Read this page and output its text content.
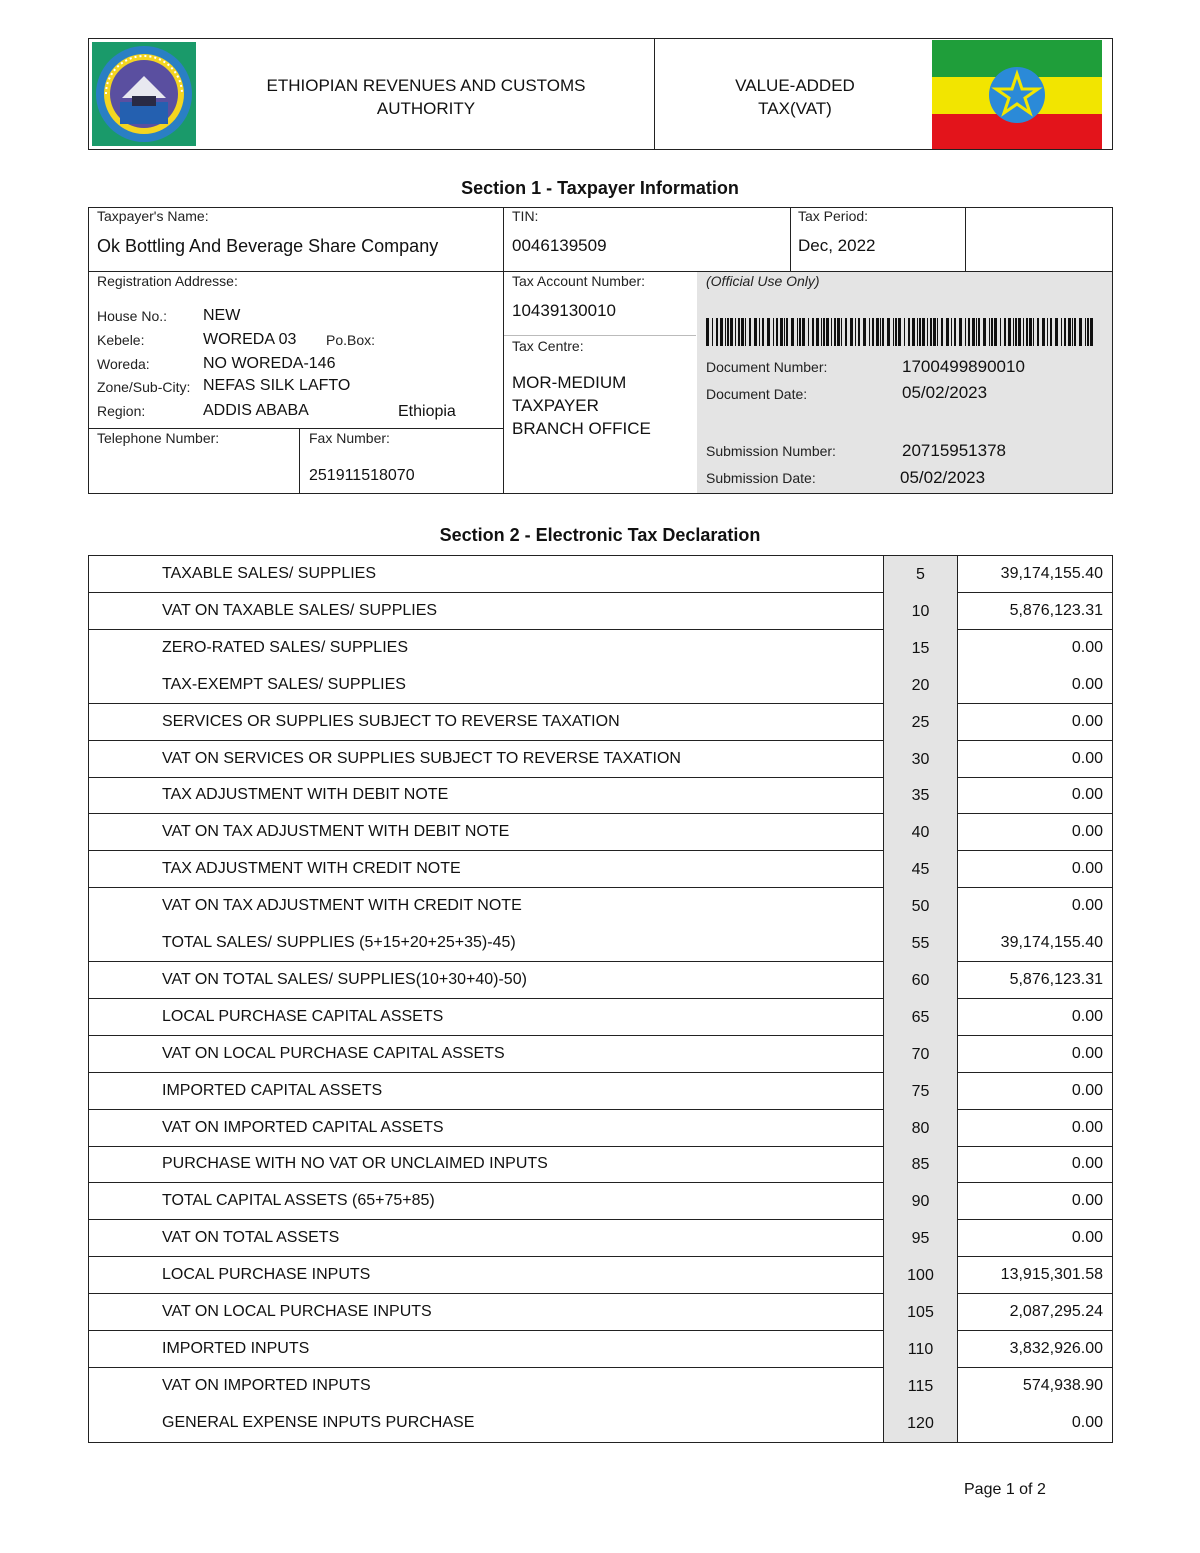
ETHIOPIAN REVENUES AND CUSTOMS AUTHORITY
VALUE-ADDED TAX(VAT)
Section 1 - Taxpayer Information
Taxpayer's Name:
Ok Bottling And Beverage Share Company
TIN:
0046139509
Tax Period:
Dec, 2022
Registration Addresse:
House No.: NEW
Kebele:	WOREDA 03 Po.Box:
Woreda:	NO WOREDA-146
Zone/Sub-City: NEFAS SILK LAFTO
Region:	ADDIS ABABA	Ethiopia
Telephone Number:	Fax Number:
251911518070
Tax Account Number:
10439130010
Tax Centre:
MOR-MEDIUM
TAXPAYER
BRANCH OFFICE
(Official Use Only)
Document Number:	1700499890010
Document Date:	05/02/2023
Submission Number:	20715951378
Submission Date:	05/02/2023
Section 2 - Electronic Tax Declaration
TAXABLE SALES/ SUPPLIES	5	39,174,155.40
VAT ON TAXABLE SALES/ SUPPLIES	10	5,876,123.31
ZERO-RATED SALES/ SUPPLIES	15	0.00
TAX-EXEMPT SALES/ SUPPLIES	20	0.00
SERVICES OR SUPPLIES SUBJECT TO REVERSE TAXATION	25	0.00
VAT ON SERVICES OR SUPPLIES SUBJECT TO REVERSE TAXATION	30	0.00
TAX ADJUSTMENT WITH DEBIT NOTE	35	0.00
VAT ON TAX ADJUSTMENT WITH DEBIT NOTE	40	0.00
TAX ADJUSTMENT WITH CREDIT NOTE	45	0.00
VAT ON TAX ADJUSTMENT WITH CREDIT NOTE	50	0.00
TOTAL SALES/ SUPPLIES (5+15+20+25+35)-45)	55	39,174,155.40
VAT ON TOTAL SALES/ SUPPLIES(10+30+40)-50)	60	5,876,123.31
LOCAL PURCHASE CAPITAL ASSETS	65	0.00
VAT ON LOCAL PURCHASE CAPITAL ASSETS	70	0.00
IMPORTED CAPITAL ASSETS	75	0.00
VAT ON IMPORTED CAPITAL ASSETS	80	0.00
PURCHASE WITH NO VAT OR UNCLAIMED INPUTS	85	0.00
TOTAL CAPITAL ASSETS (65+75+85)	90	0.00
VAT ON TOTAL ASSETS	95	0.00
LOCAL PURCHASE INPUTS	100	13,915,301.58
VAT ON LOCAL PURCHASE INPUTS	105	2,087,295.24
IMPORTED INPUTS	110	3,832,926.00
VAT ON IMPORTED INPUTS	115	574,938.90
GENERAL EXPENSE INPUTS PURCHASE	120	0.00
Page 1 of 2
